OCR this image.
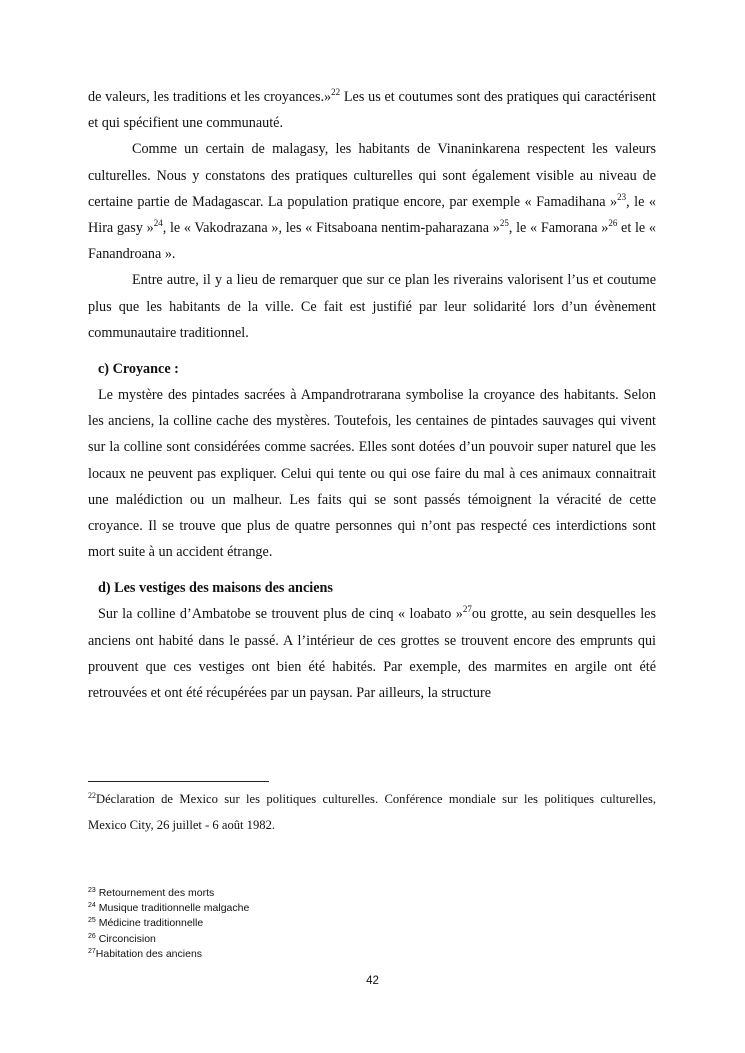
de valeurs, les traditions et les croyances.»$^{22}$ Les us et coutumes sont des pratiques qui caractérisent et qui spécifient une communauté.

Comme un certain de malagasy, les habitants de Vinaninkarena respectent les valeurs culturelles. Nous y constatons des pratiques culturelles qui sont également visible au niveau de certaine partie de Madagascar. La population pratique encore, par exemple « Famadihana »$^{23}$, le « Hira gasy »$^{24}$, le « Vakodrazana », les « Fitsaboana nentim-paharazana »$^{25}$, le « Famorana »$^{26}$ et le « Fanandroana ».

Entre autre, il y a lieu de remarquer que sur ce plan les riverains valorisent l’us et coutume plus que les habitants de la ville. Ce fait est justifié par leur solidarité lors d’un évènement communautaire traditionnel.

c) Croyance :

Le mystère des pintades sacrées à Ampandrotrarana symbolise la croyance des habitants. Selon les anciens, la colline cache des mystères. Toutefois, les centaines de pintades sauvages qui vivent sur la colline sont considérées comme sacrées. Elles sont dotées d’un pouvoir super naturel que les locaux ne peuvent pas expliquer. Celui qui tente ou qui ose faire du mal à ces animaux connaitrait une malédiction ou un malheur. Les faits qui se sont passés témoignent la véracité de cette croyance. Il se trouve que plus de quatre personnes qui n’ont pas respecté ces interdictions sont mort suite à un accident étrange.

d) Les vestiges des maisons des anciens

Sur la colline d’Ambatobe se trouvent plus de cinq « loabato »$^{27}$ou grotte, au sein desquelles les anciens ont habité dans le passé. A l’intérieur de ces grottes se trouvent encore des emprunts qui prouvent que ces vestiges ont bien été habités. Par exemple, des marmites en argile ont été retrouvées et ont été récupérées par un paysan. Par ailleurs, la structure

$^{22}$Déclaration de Mexico sur les politiques culturelles. Conférence mondiale sur les politiques culturelles, Mexico City, 26 juillet - 6 août 1982.

$^{23}$ Retournement des morts
$^{24}$ Musique traditionnelle malgache
$^{25}$ Médicine traditionnelle
$^{26}$ Circoncision
$^{27}$Habitation des anciens
42
